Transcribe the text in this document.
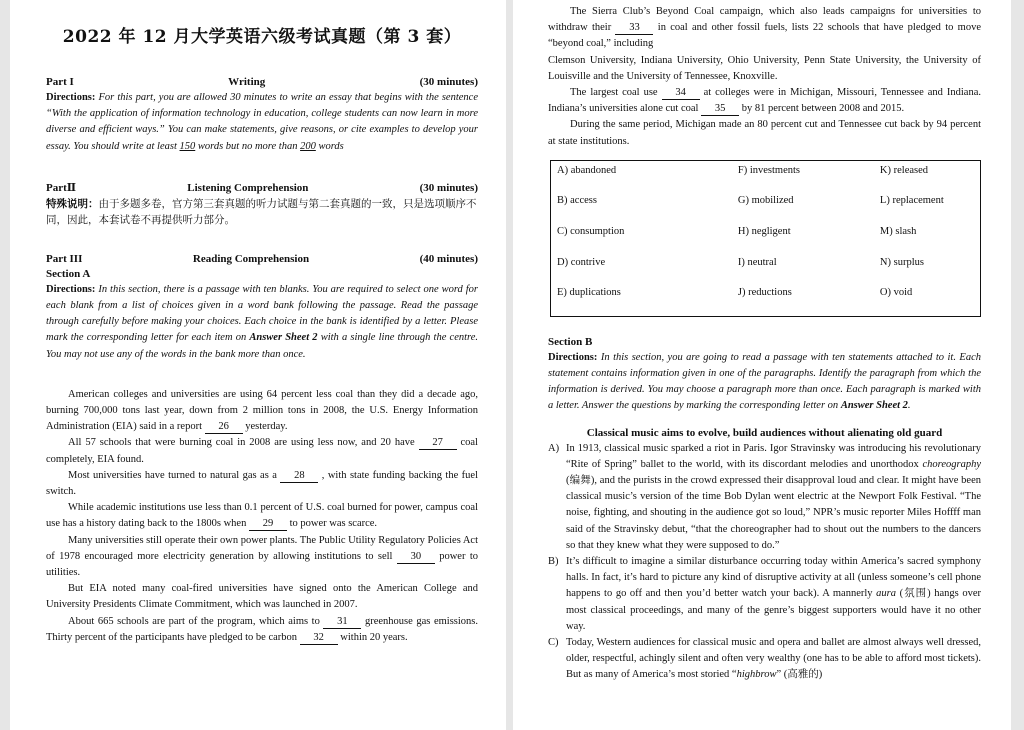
2022 年 12 月大学英语六级考试真题（第 3 套）
Part I	Writing	(30 minutes)

Directions: For this part, you are allowed 30 minutes to write an essay that begins with the sentence “With the application of information technology in education, college students can now learn in more diverse and efficient ways.” You can make statements, give reasons, or cite examples to develop your essay. You should write at least 150 words but no more than 200 words

PartⅡ	Listening Comprehension	(30 minutes)

特殊说明：由于多题多卷，官方第三套真题的听力试题与第二套真题的一致，只是选项顺序不同，因此，本套试卷不再提供听力部分。

Part III	Reading Comprehension	(40 minutes)
Section A

Directions: In this section, there is a passage with ten blanks. You are required to select one word for each blank from a list of choices given in a word bank following the passage. Read the passage through carefully before making your choices. Each choice in the bank is identified by a letter. Please mark the corresponding letter for each item on Answer Sheet 2 with a single line through the centre. You may not use any of the words in the bank more than once.

American colleges and universities are using 64 percent less coal than they did a decade ago, burning 700,000 tons last year, down from 2 million tons in 2008, the U.S. Energy Information Administration (EIA) said in a report 26 yesterday.

All 57 schools that were burning coal in 2008 are using less now, and 20 have 27 coal completely, EIA found.

Most universities have turned to natural gas as a 28 , with state funding backing the fuel switch.

While academic institutions use less than 0.1 percent of U.S. coal burned for power, campus coal use has a history dating back to the 1800s when 29 to power was scarce.

Many universities still operate their own power plants. The Public Utility Regulatory Policies Act of 1978 encouraged more electricity generation by allowing institutions to sell 30 power to utilities.

But EIA noted many coal-fired universities have signed onto the American College and University Presidents Climate Commitment, which was launched in 2007.

About 665 schools are part of the program, which aims to 31 greenhouse gas emissions. Thirty percent of the participants have pledged to be carbon 32 within 20 years.

The Sierra Club’s Beyond Coal campaign, which also leads campaigns for universities to withdraw their 33 in coal and other fossil fuels, lists 22 schools that have pledged to move “beyond coal,” including

Clemson University, Indiana University, Ohio University, Penn State University, the University of Louisville and the University of Tennessee, Knoxville.

The largest coal use 34 at colleges were in Michigan, Missouri, Tennessee and Indiana. Indiana’s universities alone cut coal 35 by 81 percent between 2008 and 2015.

During the same period, Michigan made an 80 percent cut and Tennessee cut back by 94 percent at state institutions.

A) abandoned	F) investments	K) released
B) access	G) mobilized	L) replacement
C) consumption	H) negligent	M) slash
D) contrive	I) neutral	N) surplus
E) duplications	J) reductions	O) void
Section B

Directions: In this section, you are going to read a passage with ten statements attached to it. Each statement contains information given in one of the paragraphs. Identify the paragraph from which the information is derived. You may choose a paragraph more than once. Each paragraph is marked with a letter. Answer the questions by marking the corresponding letter on Answer Sheet 2.

Classical music aims to evolve, build audiences without alienating old guard
A) In 1913, classical music sparked a riot in Paris. Igor Stravinsky was introducing his revolutionary “Rite of Spring” ballet to the world, with its discordant melodies and unorthodox choreography (编舞), and the purists in the crowd expressed their disapproval loud and clear. It might have been classical music’s version of the time Bob Dylan went electric at the Newport Folk Festival. “The noise, fighting, and shouting in the audience got so loud,” NPR’s music reporter Miles Hoffff man said of the Stravinsky debut, “that the choreographer had to shout out the numbers to the dancers so that they knew what they were supposed to do.”
B) It’s difficult to imagine a similar disturbance occurring today within America’s sacred symphony halls. In fact, it’s hard to picture any kind of disruptive activity at all (unless someone’s cell phone happens to go off and then you’d better watch your back). A mannerly aura (氛围) hangs over most classical proceedings, and many of the genre’s biggest supporters would have it no other way.
C) Today, Western audiences for classical music and opera and ballet are almost always well dressed, older, respectful, achingly silent and often very wealthy (one has to be able to afford most tickets). But as many of America’s most storied “highbrow” (高雅的)
